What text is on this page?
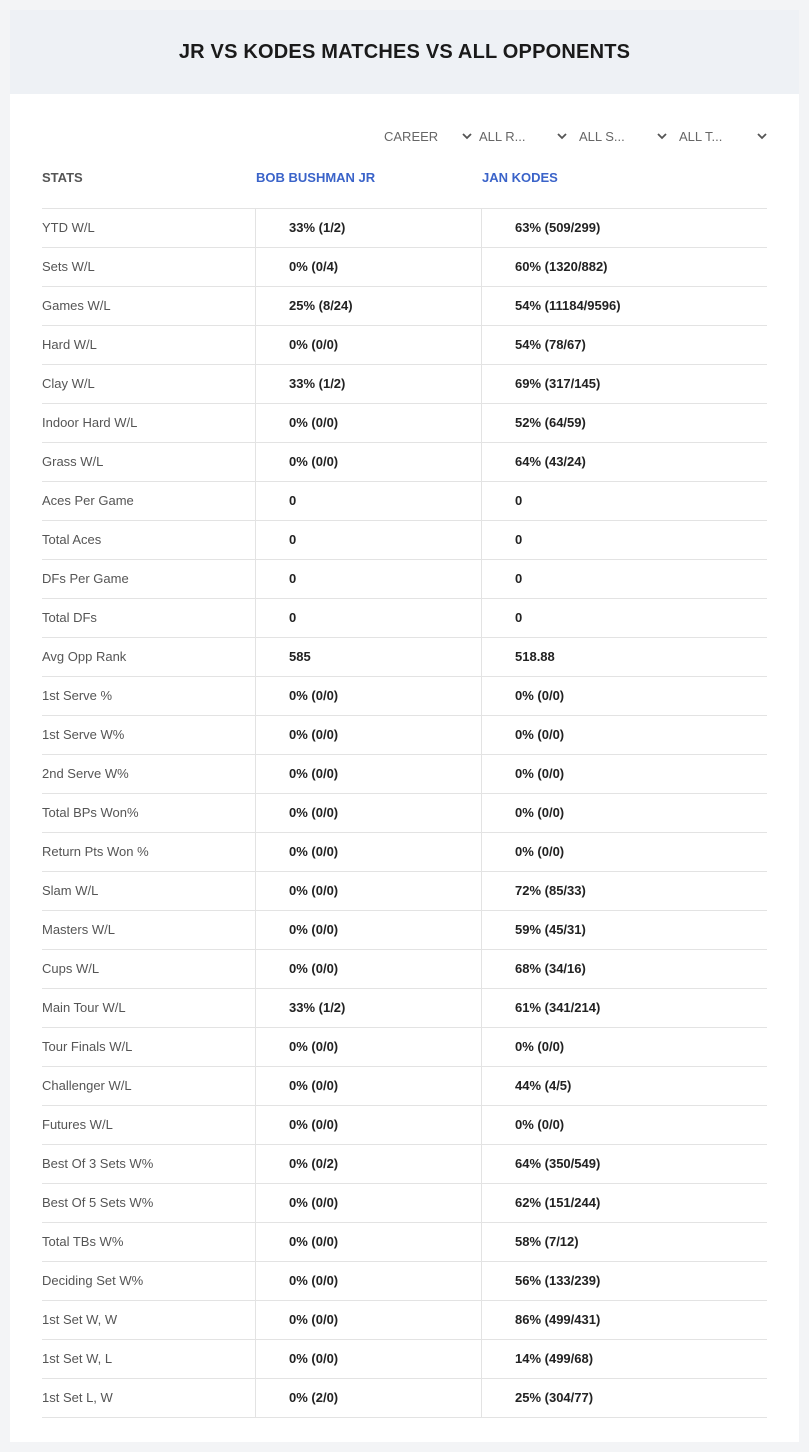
JR VS KODES MATCHES VS ALL OPPONENTS
CAREER	ALL R...	ALL S...	ALL T...
STATS	BOB BUSHMAN JR	JAN KODES
YTD W/L	33% (1/2)	63% (509/299)
Sets W/L	0% (0/4)	60% (1320/882)
Games W/L	25% (8/24)	54% (11184/9596)
Hard W/L	0% (0/0)	54% (78/67)
Clay W/L	33% (1/2)	69% (317/145)
Indoor Hard W/L	0% (0/0)	52% (64/59)
Grass W/L	0% (0/0)	64% (43/24)
Aces Per Game	0	0
Total Aces	0	0
DFs Per Game	0	0
Total DFs	0	0
Avg Opp Rank	585	518.88
1st Serve %	0% (0/0)	0% (0/0)
1st Serve W%	0% (0/0)	0% (0/0)
2nd Serve W%	0% (0/0)	0% (0/0)
Total BPs Won%	0% (0/0)	0% (0/0)
Return Pts Won %	0% (0/0)	0% (0/0)
Slam W/L	0% (0/0)	72% (85/33)
Masters W/L	0% (0/0)	59% (45/31)
Cups W/L	0% (0/0)	68% (34/16)
Main Tour W/L	33% (1/2)	61% (341/214)
Tour Finals W/L	0% (0/0)	0% (0/0)
Challenger W/L	0% (0/0)	44% (4/5)
Futures W/L	0% (0/0)	0% (0/0)
Best Of 3 Sets W%	0% (0/2)	64% (350/549)
Best Of 5 Sets W%	0% (0/0)	62% (151/244)
Total TBs W%	0% (0/0)	58% (7/12)
Deciding Set W%	0% (0/0)	56% (133/239)
1st Set W, W	0% (0/0)	86% (499/431)
1st Set W, L	0% (0/0)	14% (499/68)
1st Set L, W	0% (2/0)	25% (304/77)
